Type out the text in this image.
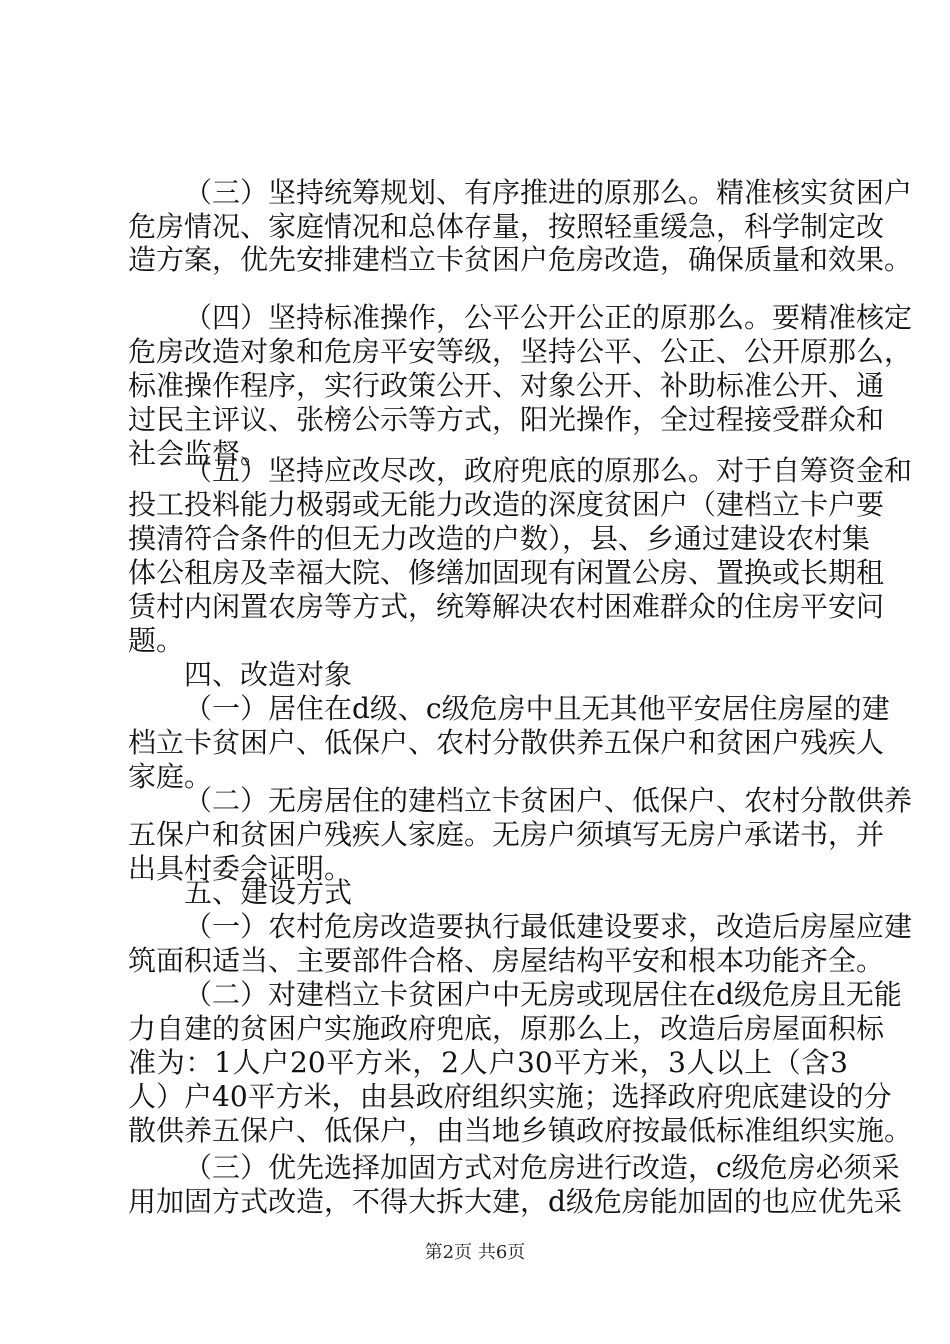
（三）坚持统筹规划、有序推进的原那么。精准核实贫困户
危房情况、家庭情况和总体存量，按照轻重缓急，科学制定改
造方案，优先安排建档立卡贫困户危房改造，确保质量和效果。
（四）坚持标准操作，公平公开公正的原那么。要精准核定
危房改造对象和危房平安等级，坚持公平、公正、公开原那么，
标准操作程序，实行政策公开、对象公开、补助标准公开、通
过民主评议、张榜公示等方式，阳光操作，全过程接受群众和
社会监督。
（五）坚持应改尽改，政府兜底的原那么。对于自筹资金和
投工投料能力极弱或无能力改造的深度贫困户（建档立卡户要
摸清符合条件的但无力改造的户数），县、乡通过建设农村集
体公租房及幸福大院、修缮加固现有闲置公房、置换或长期租
赁村内闲置农房等方式，统筹解决农村困难群众的住房平安问
题。
四、改造对象
（一）居住在d级、c级危房中且无其他平安居住房屋的建
档立卡贫困户、低保户、农村分散供养五保户和贫困户残疾人
家庭。
（二）无房居住的建档立卡贫困户、低保户、农村分散供养
五保户和贫困户残疾人家庭。无房户须填写无房户承诺书，并
出具村委会证明。
五、建设方式
（一）农村危房改造要执行最低建设要求，改造后房屋应建
筑面积适当、主要部件合格、房屋结构平安和根本功能齐全。
（二）对建档立卡贫困户中无房或现居住在d级危房且无能
力自建的贫困户实施政府兜底，原那么上，改造后房屋面积标
准为：1人户20平方米，2人户30平方米，3人以上（含3
人）户40平方米，由县政府组织实施；选择政府兜底建设的分
散供养五保户、低保户，由当地乡镇政府按最低标准组织实施。
（三）优先选择加固方式对危房进行改造，c级危房必须采
用加固方式改造，不得大拆大建，d级危房能加固的也应优先采
第2页 共6页
